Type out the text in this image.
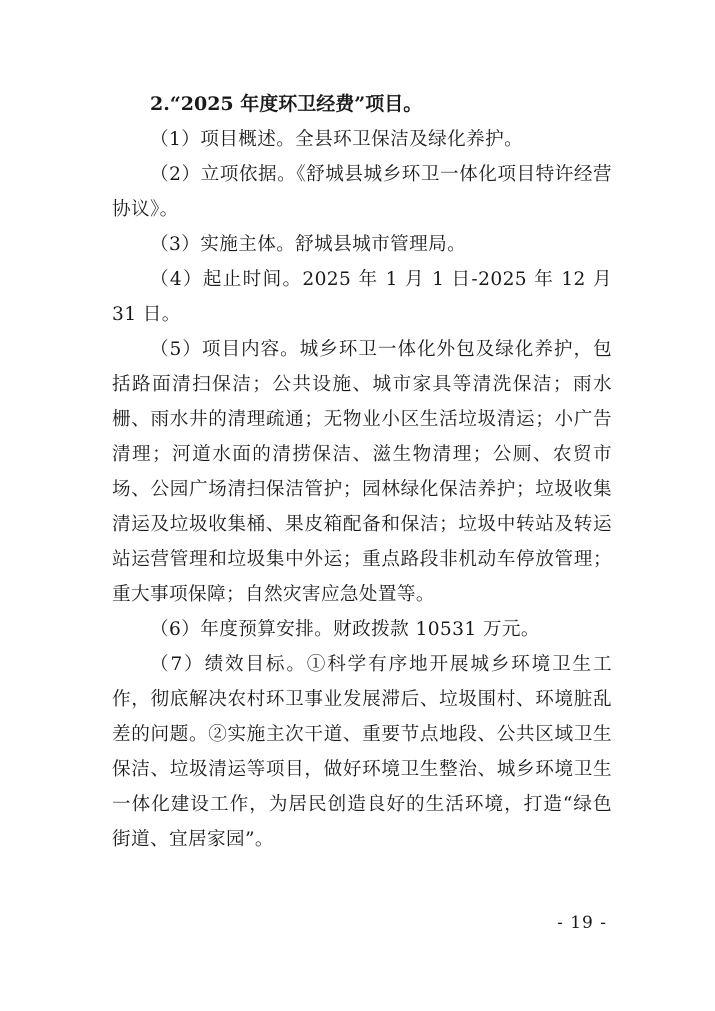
2.“2025 年度环卫经费”项目。

（1）项目概述。全县环卫保洁及绿化养护。

（2）立项依据。《舒城县城乡环卫一体化项目特许经营协议》。

（3）实施主体。舒城县城市管理局。

（4）起止时间。2025 年 1 月 1 日-2025 年 12 月 31 日。

（5）项目内容。城乡环卫一体化外包及绿化养护，包括路面清扫保洁；公共设施、城市家具等清洗保洁；雨水栅、雨水井的清理疏通；无物业小区生活垃圾清运；小广告清理；河道水面的清捞保洁、滋生物清理；公厕、农贸市场、公园广场清扫保洁管护；园林绿化保洁养护；垃圾收集清运及垃圾收集桶、果皮箱配备和保洁；垃圾中转站及转运站运营管理和垃圾集中外运；重点路段非机动车停放管理；重大事项保障；自然灾害应急处置等。

（6）年度预算安排。财政拨款 10531 万元。

（7）绩效目标。①科学有序地开展城乡环境卫生工作，彻底解决农村环卫事业发展滞后、垃圾围村、环境脏乱差的问题。②实施主次干道、重要节点地段、公共区域卫生保洁、垃圾清运等项目，做好环境卫生整治、城乡环境卫生一体化建设工作，为居民创造良好的生活环境，打造“绿色街道、宜居家园”。

- 19 -
